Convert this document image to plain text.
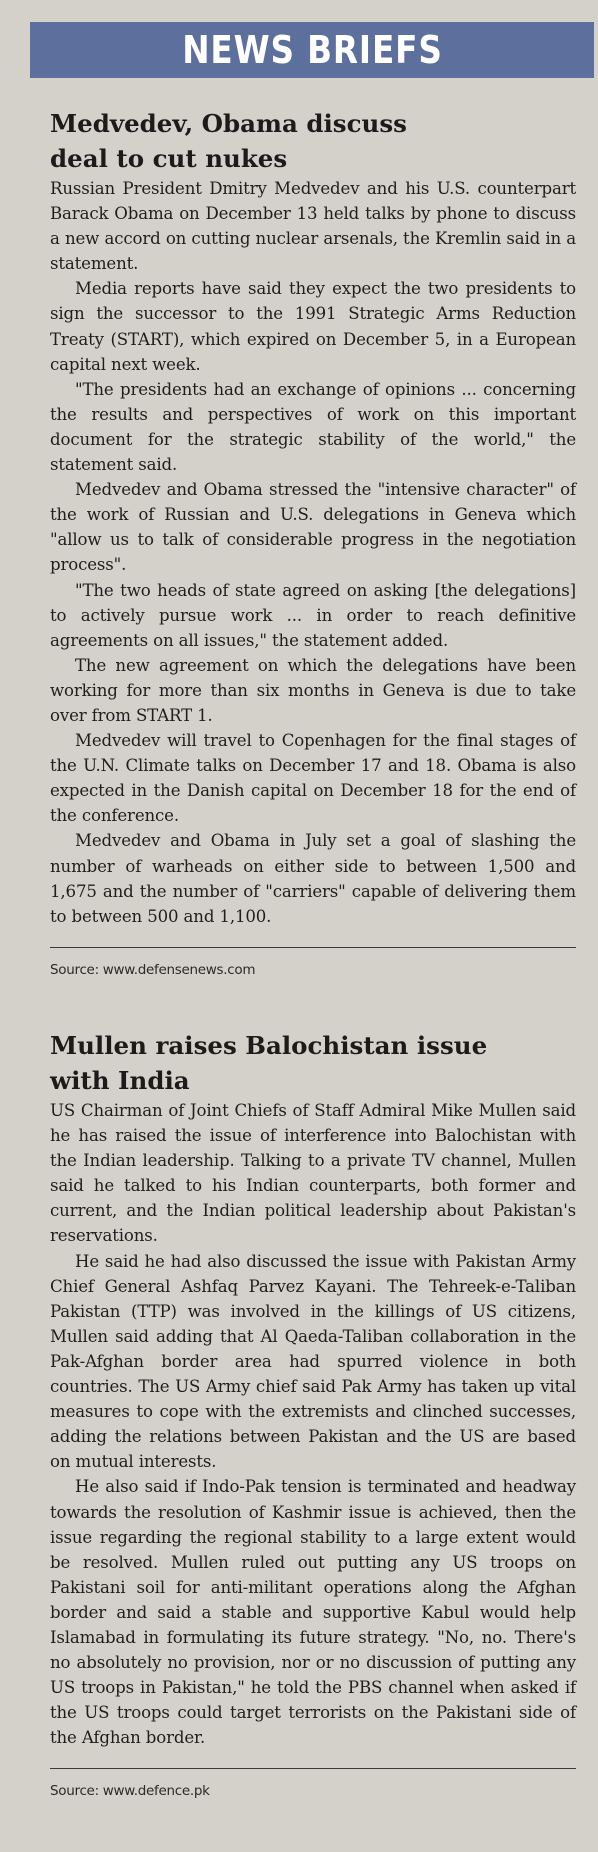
NEWS BRIEFS
Medvedev, Obama discuss deal to cut nukes

Russian President Dmitry Medvedev and his U.S. counterpart Barack Obama on December 13 held talks by phone to discuss a new accord on cutting nuclear arsenals, the Kremlin said in a statement.

Media reports have said they expect the two presidents to sign the successor to the 1991 Strategic Arms Reduction Treaty (START), which expired on December 5, in a European capital next week.

"The presidents had an exchange of opinions ... concerning the results and perspectives of work on this important document for the strategic stability of the world," the statement said.

Medvedev and Obama stressed the "intensive character" of the work of Russian and U.S. delegations in Geneva which "allow us to talk of considerable progress in the negotiation process".

"The two heads of state agreed on asking [the delegations] to actively pursue work ... in order to reach definitive agreements on all issues," the statement added.

The new agreement on which the delegations have been working for more than six months in Geneva is due to take over from START 1.

Medvedev will travel to Copenhagen for the final stages of the U.N. Climate talks on December 17 and 18. Obama is also expected in the Danish capital on December 18 for the end of the conference.

Medvedev and Obama in July set a goal of slashing the number of warheads on either side to between 1,500 and 1,675 and the number of "carriers" capable of delivering them to between 500 and 1,100.

Source: www.defensenews.com
Mullen raises Balochistan issue with India

US Chairman of Joint Chiefs of Staff Admiral Mike Mullen said he has raised the issue of interference into Balochistan with the Indian leadership. Talking to a private TV channel, Mullen said he talked to his Indian counterparts, both former and current, and the Indian political leadership about Pakistan's reservations.

He said he had also discussed the issue with Pakistan Army Chief General Ashfaq Parvez Kayani. The Tehreek-e-Taliban Pakistan (TTP) was involved in the killings of US citizens, Mullen said adding that Al Qaeda-Taliban collaboration in the Pak-Afghan border area had spurred violence in both countries. The US Army chief said Pak Army has taken up vital measures to cope with the extremists and clinched successes, adding the relations between Pakistan and the US are based on mutual interests.

He also said if Indo-Pak tension is terminated and headway towards the resolution of Kashmir issue is achieved, then the issue regarding the regional stability to a large extent would be resolved. Mullen ruled out putting any US troops on Pakistani soil for anti-militant operations along the Afghan border and said a stable and supportive Kabul would help Islamabad in formulating its future strategy. "No, no. There's no absolutely no provision, nor or no discussion of putting any US troops in Pakistan," he told the PBS channel when asked if the US troops could target terrorists on the Pakistani side of the Afghan border.

Source: www.defence.pk
